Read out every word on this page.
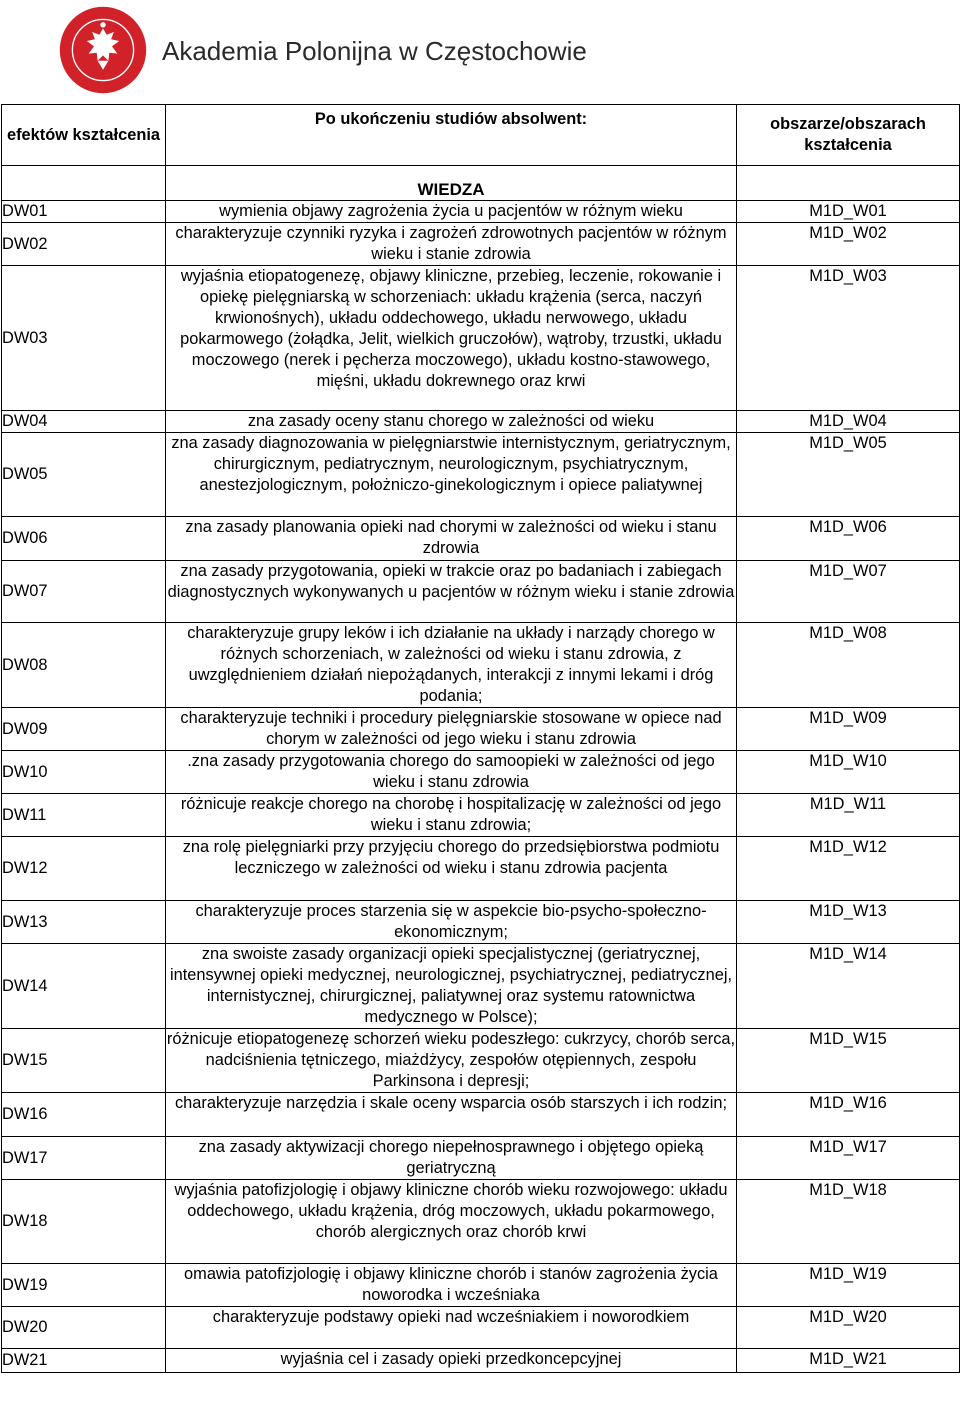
Akademia Polonijna w Częstochowie
efektów kształcenia	Po ukończeniu studiów absolwent:	obszarze/obszarach kształcenia
	WIEDZA	
DW01	wymienia objawy zagrożenia życia u pacjentów w różnym wieku	M1D_W01
DW02	charakteryzuje czynniki ryzyka i zagrożeń zdrowotnych pacjentów w różnym wieku i stanie zdrowia	M1D_W02
DW03	wyjaśnia etiopatogenezę, objawy kliniczne, przebieg, leczenie, rokowanie i opiekę pielęgniarską w schorzeniach: układu krążenia (serca, naczyń krwionośnych), układu oddechowego, układu nerwowego, układu pokarmowego (żołądka, Jelit, wielkich gruczołów), wątroby, trzustki, układu moczowego (nerek i pęcherza moczowego), układu kostno-stawowego, mięśni, układu dokrewnego oraz krwi	M1D_W03
DW04	zna zasady oceny stanu chorego w zależności od wieku	M1D_W04
DW05	zna zasady diagnozowania w pielęgniarstwie internistycznym, geriatrycznym, chirurgicznym, pediatrycznym, neurologicznym, psychiatrycznym, anestezjologicznym, położniczo-ginekologicznym i opiece paliatywnej	M1D_W05
DW06	zna zasady planowania opieki nad chorymi w zależności od wieku i stanu zdrowia	M1D_W06
DW07	zna zasady przygotowania, opieki w trakcie oraz po badaniach i zabiegach diagnostycznych wykonywanych u pacjentów w różnym wieku i stanie zdrowia	M1D_W07
DW08	charakteryzuje grupy leków i ich działanie na układy i narządy chorego w różnych schorzeniach, w zależności od wieku i stanu zdrowia, z uwzględnieniem działań niepożądanych, interakcji z innymi lekami i dróg podania;	M1D_W08
DW09	charakteryzuje techniki i procedury pielęgniarskie stosowane w opiece nad chorym w zależności od jego wieku i stanu zdrowia	M1D_W09
DW10	.zna zasady przygotowania chorego do samoopieki w zależności od jego wieku i stanu zdrowia	M1D_W10
DW11	różnicuje reakcje chorego na chorobę i hospitalizację w zależności od jego wieku i stanu zdrowia;	M1D_W11
DW12	zna rolę pielęgniarki przy przyjęciu chorego do przedsiębiorstwa podmiotu leczniczego w zależności od wieku i stanu zdrowia pacjenta	M1D_W12
DW13	charakteryzuje proces starzenia się w aspekcie bio-psycho-społeczno-ekonomicznym;	M1D_W13
DW14	zna swoiste zasady organizacji opieki specjalistycznej (geriatrycznej, intensywnej opieki medycznej, neurologicznej, psychiatrycznej, pediatrycznej, internistycznej, chirurgicznej, paliatywnej oraz systemu ratownictwa medycznego w Polsce);	M1D_W14
DW15	różnicuje etiopatogenezę schorzeń wieku podeszłego: cukrzycy, chorób serca, nadciśnienia tętniczego, miażdżycy, zespołów otępiennych, zespołu Parkinsona i depresji;	M1D_W15
DW16	charakteryzuje narzędzia i skale oceny wsparcia osób starszych i ich rodzin;	M1D_W16
DW17	zna zasady aktywizacji chorego niepełnosprawnego i objętego opieką geriatryczną	M1D_W17
DW18	wyjaśnia patofizjologię i objawy kliniczne chorób wieku rozwojowego: układu oddechowego, układu krążenia, dróg moczowych, układu pokarmowego, chorób alergicznych oraz chorób krwi	M1D_W18
DW19	omawia patofizjologię i objawy kliniczne chorób i stanów zagrożenia życia noworodka i wcześniaka	M1D_W19
DW20	charakteryzuje podstawy opieki nad wcześniakiem i noworodkiem	M1D_W20
DW21	wyjaśnia cel i zasady opieki przedkoncepcyjnej	M1D_W21
